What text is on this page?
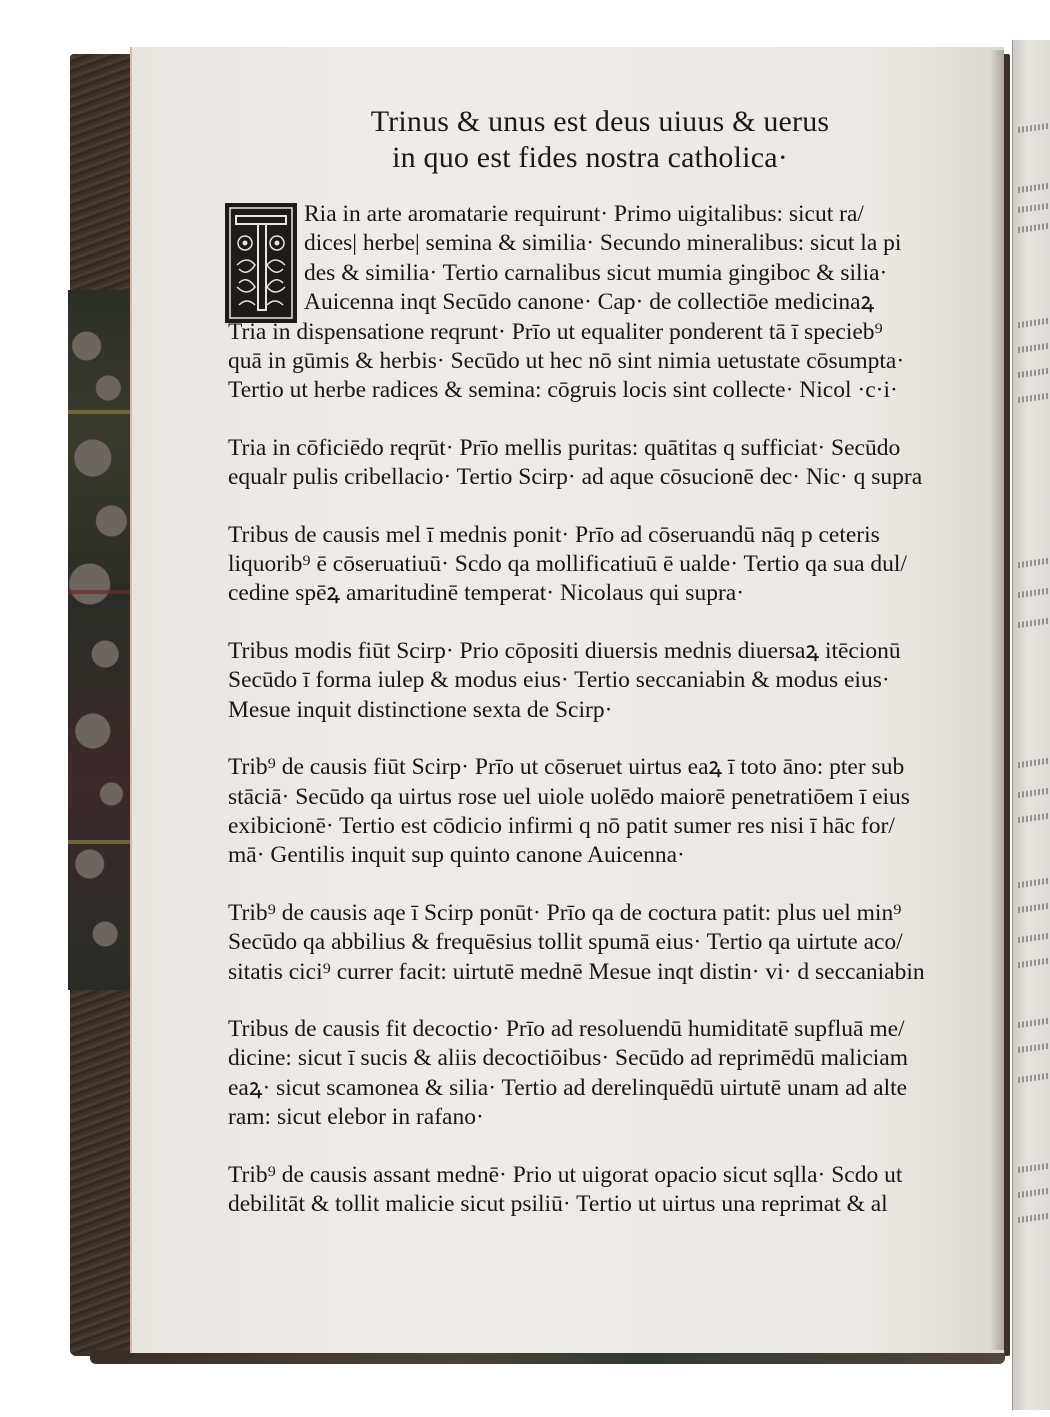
Trinus & unus est deus uiuus & uerus
in quo est fides nostra catholica·
Ria in arte aromatarie requirunt· Primo uigitalibus: sicut ra/
dices| herbe| semina & similia· Secundo mineralibus: sicut la pi
des & similia· Tertio carnalibus sicut mumia gingiboc & silia·
Auicenna inqt Secūdo canone· Cap· de collectiōe medicinaꝝ
Tria in dispensatione reqrunt· Prīo ut equaliter ponderent tā ī specieb⁹
quā in gūmis & herbis· Secūdo ut hec nō sint nimia uetustate cōsumpta·
Tertio ut herbe radices & semina: cōgruis locis sint collecte· Nicol ·c·i·
Tria in cōficiēdo reqrūt· Prīo mellis puritas: quātitas q sufficiat· Secūdo
equalr pulis cribellacio· Tertio Scirp· ad aque cōsucionē dec· Nic· q supra
Tribus de causis mel ī mednis ponit· Prīo ad cōseruandū nāq p ceteris
liquorib⁹ ē cōseruatiuū· Scdo qa mollificatiuū ē ualde· Tertio qa sua dul/
cedine spēꝝ amaritudinē temperat· Nicolaus qui supra·
Tribus modis fiūt Scirp· Prio cōpositi diuersis mednis diuersaꝝ itēcionū
Secūdo ī forma iulep & modus eius· Tertio seccaniabin & modus eius·
Mesue inquit distinctione sexta de Scirp·
Trib⁹ de causis fiūt Scirp· Prīo ut cōseruet uirtus eaꝝ ī toto āno: pter sub
stāciā· Secūdo qa uirtus rose uel uiole uolēdo maiorē penetratiōem ī eius
exibicionē· Tertio est cōdicio infirmi q nō patit sumer res nisi ī hāc for/
mā· Gentilis inquit sup quinto canone Auicenna·
Trib⁹ de causis aqe ī Scirp ponūt· Prīo qa de coctura patit: plus uel min⁹
Secūdo qa abbilius & frequēsius tollit spumā eius· Tertio qa uirtute aco/
sitatis cici⁹ currer facit: uirtutē mednē Mesue inqt distin· vi· d seccaniabin
Tribus de causis fit decoctio· Prīo ad resoluendū humiditatē supfluā me/
dicine: sicut ī sucis & aliis decoctiōibus· Secūdo ad reprimēdū maliciam
eaꝝ· sicut scamonea & silia· Tertio ad derelinquēdū uirtutē unam ad alte
ram: sicut elebor in rafano·
Trib⁹ de causis assant mednē· Prio ut uigorat opacio sicut sqlla· Scdo ut
debilitāt & tollit malicie sicut psiliū· Tertio ut uirtus una reprimat & al
